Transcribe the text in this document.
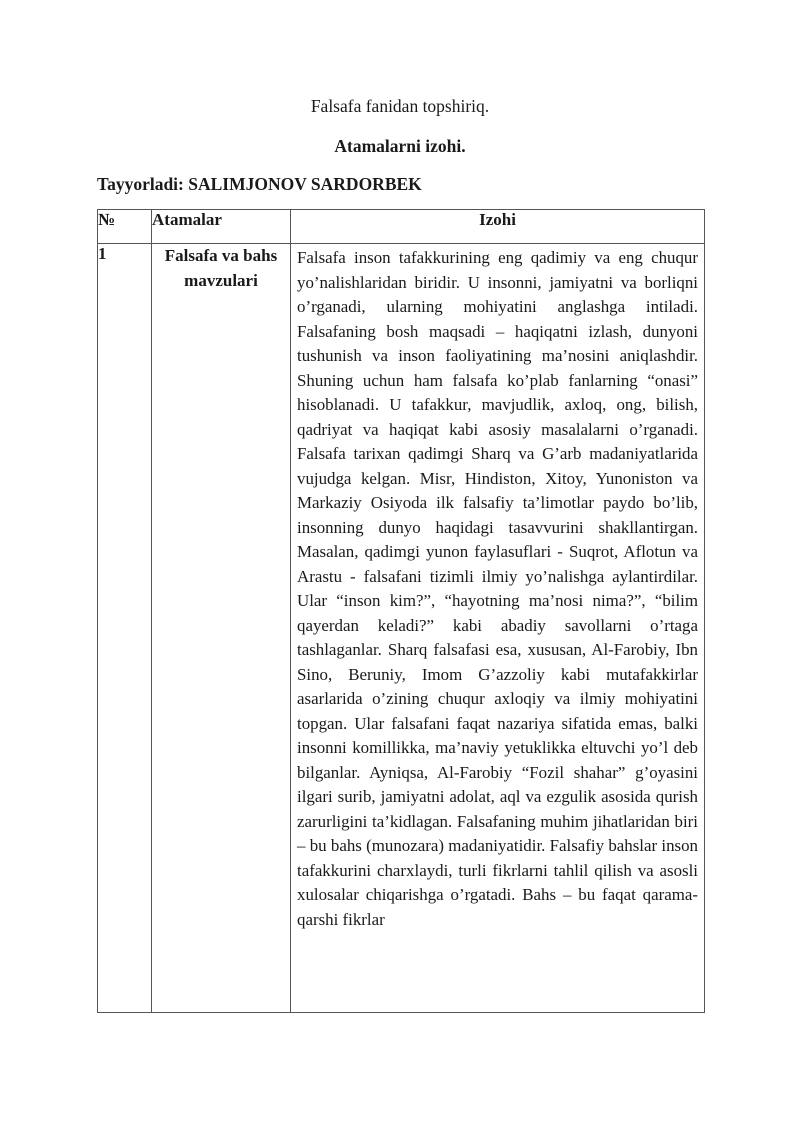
Falsafa fanidan topshiriq.
Atamalarni izohi.
Tayyorladi: SALIMJONOV SARDORBEK
№	Atamalar	Izohi
1	Falsafa va bahs mavzulari	Falsafa inson tafakkurining eng qadimiy va eng chuqur yo’nalishlaridan biridir. U insonni, jamiyatni va borliqni o’rganadi, ularning mohiyatini anglashga intiladi. Falsafaning bosh maqsadi – haqiqatni izlash, dunyoni tushunish va inson faoliyatining ma’nosini aniqlashdir. Shuning uchun ham falsafa ko’plab fanlarning “onasi” hisoblanadi. U tafakkur, mavjudlik, axloq, ong, bilish, qadriyat va haqiqat kabi asosiy masalalarni o’rganadi. Falsafa tarixan qadimgi Sharq va G’arb madaniyatlarida vujudga kelgan. Misr, Hindiston, Xitoy, Yunoniston va Markaziy Osiyoda ilk falsafiy ta’limotlar paydo bo’lib, insonning dunyo haqidagi tasavvurini shakllantirgan. Masalan, qadimgi yunon faylasuflari - Suqrot, Aflotun va Arastu - falsafani tizimli ilmiy yo’nalishga aylantirdilar. Ular “inson kim?”, “hayotning ma’nosi nima?”, “bilim qayerdan keladi?” kabi abadiy savollarni o’rtaga tashlaganlar. Sharq falsafasi esa, xususan, Al-Farobiy, Ibn Sino, Beruniy, Imom G’azzoliy kabi mutafakkirlar asarlarida o’zining chuqur axloqiy va ilmiy mohiyatini topgan. Ular falsafani faqat nazariya sifatida emas, balki insonni komillikka, ma’naviy yetuklikka eltuvchi yo’l deb bilganlar. Ayniqsa, Al-Farobiy “Fozil shahar” g’oyasini ilgari surib, jamiyatni adolat, aql va ezgulik asosida qurish zarurligini ta’kidlagan. Falsafaning muhim jihatlaridan biri – bu bahs (munozara) madaniyatidir. Falsafiy bahslar inson tafakkurini charxlaydi, turli fikrlarni tahlil qilish va asosli xulosalar chiqarishga o’rgatadi. Bahs – bu faqat qarama-qarshi fikrlar
